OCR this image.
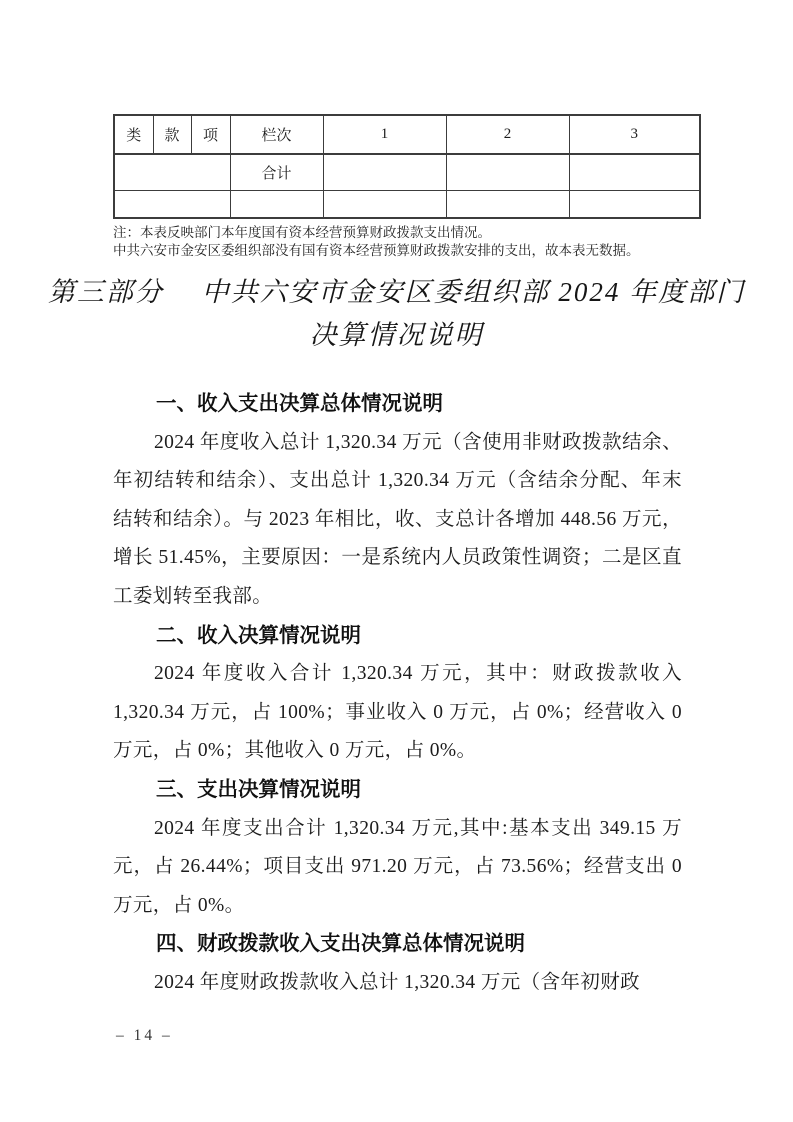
类	款	项	栏次	1	2	3
			合计			

注：本表反映部门本年度国有资本经营预算财政拨款支出情况。
中共六安市金安区委组织部没有国有资本经营预算财政拨款安排的支出，故本表无数据。
第三部分　 中共六安市金安区委组织部 2024 年度部门
决算情况说明
一、收入支出决算总体情况说明

2024 年度收入总计 1,320.34 万元（含使用非财政拨款结余、年初结转和结余）、支出总计 1,320.34 万元（含结余分配、年末结转和结余）。与 2023 年相比，收、支总计各增加 448.56 万元，增长 51.45%，主要原因：一是系统内人员政策性调资；二是区直工委划转至我部。

二、收入决算情况说明

2024 年度收入合计 1,320.34 万元，其中：财政拨款收入 1,320.34 万元，占 100%；事业收入 0 万元，占 0%；经营收入 0 万元，占 0%；其他收入 0 万元，占 0%。

三、支出决算情况说明

2024 年度支出合计 1,320.34 万元,其中:基本支出 349.15 万元，占 26.44%；项目支出 971.20 万元，占 73.56%；经营支出 0 万元，占 0%。

四、财政拨款收入支出决算总体情况说明

2024 年度财政拨款收入总计 1,320.34 万元（含年初财政

– 14 –
